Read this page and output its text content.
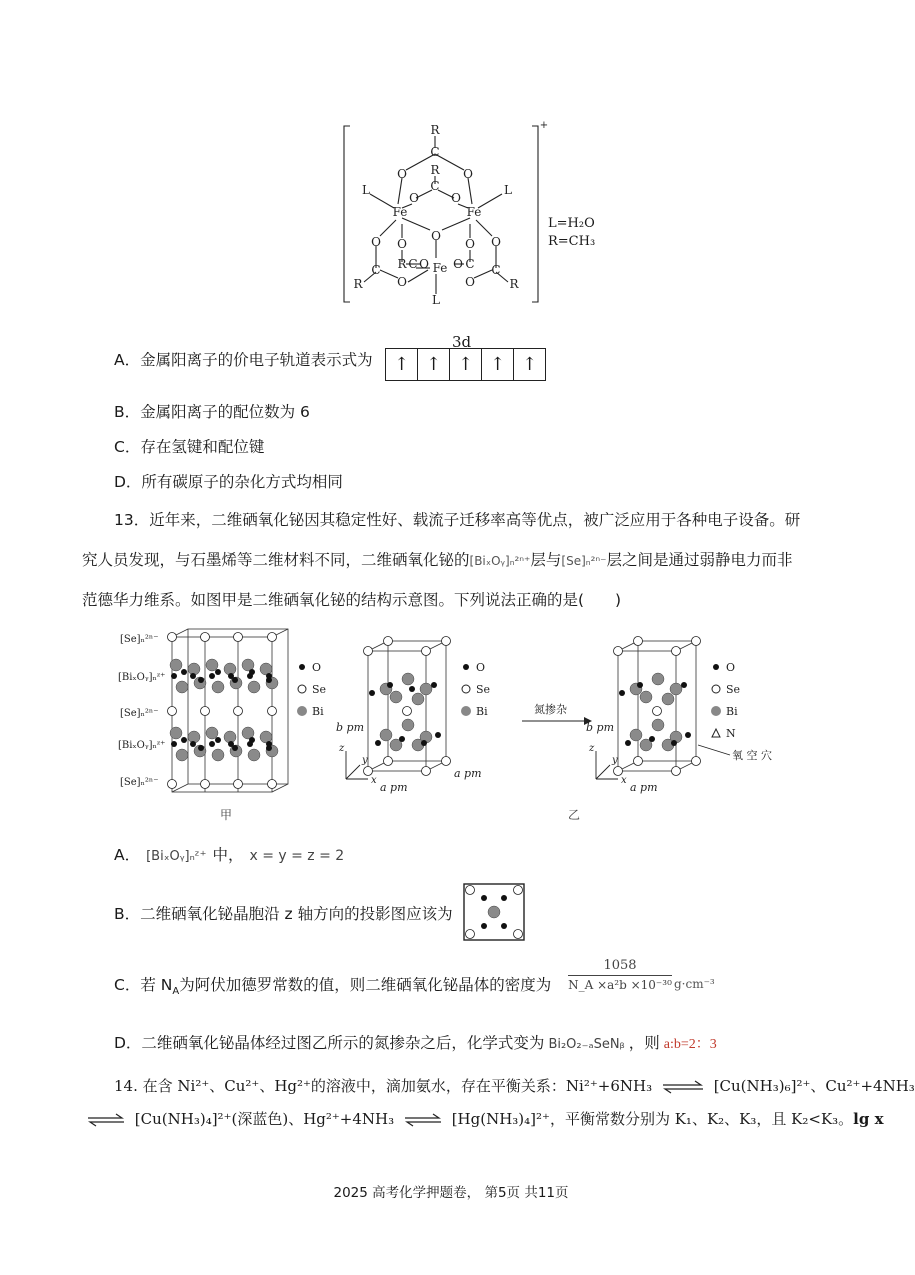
R
C
O	O
R
C
O	O
L	L
Fe	Fe
O
O O	O O
C R C O Fe O C C
R	R
O	O
L
+
L=H₂O
R=CH₃
3d
A．金属阳离子的价电子轨道表示式为	↑ ↑ ↑ ↑ ↑
B．金属阳离子的配位数为 6
C．存在氢键和配位键
D．所有碳原子的杂化方式均相同
13．近年来，二维硒氧化铋因其稳定性好、载流子迁移率高等优点，被广泛应用于各种电子设备。研
究人员发现，与石墨烯等二维材料不同，二维硒氧化铋的[BiₓOᵧ]ₙ²ⁿ⁺层与[Se]ₙ²ⁿ⁻层之间是通过弱静电力而非
范德华力维系。如图甲是二维硒氧化铋的结构示意图。下列说法正确的是(　　)
[Se]ₙ²ⁿ⁻
[BiₓOᵧ]ₙᶻ⁺
[Se]ₙ²ⁿ⁻
[BiₓOᵧ]ₙᶻ⁺
[Se]ₙ²ⁿ⁻
O
Se
Bi
O
Se
Bi
b pm
a pm
a pm
z
y
x
氮掺杂
O
Se
Bi
N
b pm
a pm
氧 空 穴
z
y
x
甲	乙
A． [BiₓOᵧ]ₙᶻ⁺ 中， x = y = z = 2
B．二维硒氧化铋晶胞沿 z 轴方向的投影图应该为
C．若 $N_A$为阿伏加德罗常数的值，则二维硒氧化铋晶体的密度为 $\frac{1058}{\text{N\_A ×a²b ×10⁻³⁰}} g\cdot cm^{-3}$
D．二维硒氧化铋晶体经过图乙所示的氮掺杂之后，化学式变为 Bi₂O₂₋ₐSeNᵦ ，则 a:b=2：3
14. 在含 Ni²⁺、Cu²⁺、Hg²⁺的溶液中，滴加氨水，存在平衡关系：Ni²⁺+6NH₃ ⇌ [Cu(NH₃)₆]²⁺、Cu²⁺+4NH₃
⇌ [Cu(NH₃)₄]²⁺(深蓝色)、Hg²⁺+4NH₃ ⇌ [Hg(NH₃)₄]²⁺，平衡常数分别为 K₁、K₂、K₃，且 K₂<K₃。lg x
2025 高考化学押题卷， 第5页 共11页
